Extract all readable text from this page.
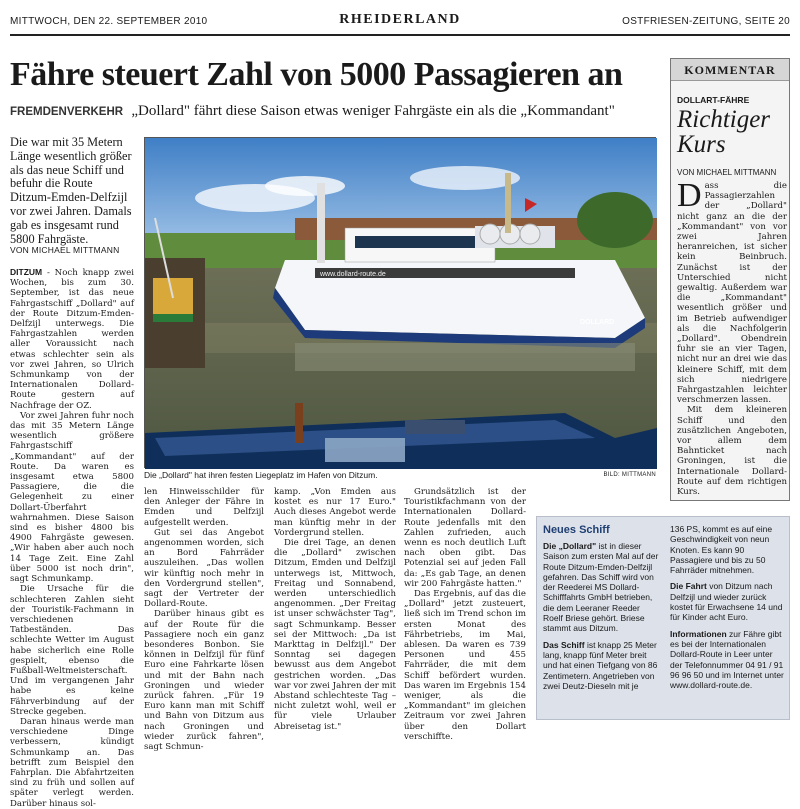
MITTWOCH, DEN 22. SEPTEMBER 2010	RHEIDERLAND	OSTFRIESEN-ZEITUNG, SEITE 20
Fähre steuert Zahl von 5000 Passagieren an
FREMDENVERKEHR „Dollard" fährt diese Saison etwas weniger Fahrgäste ein als die „Kommandant"
Die war mit 35 Metern Länge wesentlich größer als das neue Schiff und befuhr die Route Ditzum-Emden-Delfzijl vor zwei Jahren. Damals gab es insgesamt rund 5800 Fahrgäste.
VON MICHAEL MITTMANN

DITZUM - Noch knapp zwei Wochen, bis zum 30. September, ist das neue Fahrgastschiff „Dollard" auf der Route Ditzum-Emden-Delfzijl unterwegs. Die Fahrgastzahlen werden aller Voraussicht nach etwas schlechter sein als vor zwei Jahren, so Ulrich Schmunkamp von der Internationalen Dollard-Route gestern auf Nachfrage der OZ.

Vor zwei Jahren fuhr noch das mit 35 Metern Länge wesentlich größere Fahrgastschiff „Kommandant" auf der Route. Da waren es insgesamt etwa 5800 Passagiere, die die Gelegenheit zu einer Dollart-Überfahrt wahrnahmen. Diese Saison sind es bisher 4800 bis 4900 Fahrgäste gewesen. „Wir haben aber auch noch 14 Tage Zeit. Eine Zahl über 5000 ist noch drin", sagt Schmunkamp.

Die Ursache für die schlechteren Zahlen sieht der Touristik-Fachmann in verschiedenen Tatbeständen. Das schlechte Wetter im August habe sicherlich eine Rolle gespielt, ebenso die Fußball-Weltmeisterschaft. Und im vergangenen Jahr habe es keine Fährverbindung auf der Strecke gegeben.

Daran hinaus werde man verschiedene Dinge verbessern, kündigt Schmunkamp an. Das betrifft zum Beispiel den Fahrplan. Die Abfahrtzeiten sind zu früh und sollen auf später verlegt werden. Darüber hinaus sol-

www.dollard-route.de
DOLLARD
Die „Dollard" hat ihren festen Liegeplatz im Hafen von Ditzum.	BILD: MITTMANN

len Hinweisschilder für den Anleger der Fähre in Emden und Delfzijl aufgestellt werden.

Gut sei das Angebot angenommen worden, sich an Bord Fahrräder auszuleihen. „Das wollen wir künftig noch mehr in den Vordergrund stellen", sagt der Vertreter der Dollard-Route.

Darüber hinaus gibt es auf der Route für die Passagiere noch ein ganz besonderes Bonbon. Sie können in Delfzijl für fünf Euro eine Fahrkarte lösen und mit der Bahn nach Groningen und wieder zurück fahren. „Für 19 Euro kann man mit Schiff und Bahn von Ditzum aus nach Groningen und wieder zurück fahren", sagt Schmun-

kamp. „Von Emden aus kostet es nur 17 Euro." Auch dieses Angebot werde man künftig mehr in der Vordergrund stellen.

Die drei Tage, an denen die „Dollard" zwischen Ditzum, Emden und Delfzijl unterwegs ist, Mittwoch, Freitag und Sonnabend, werden unterschiedlich angenommen. „Der Freitag ist unser schwächster Tag", sagt Schmunkamp. Besser sei der Mittwoch: „Da ist Markttag in Delfzijl." Der Sonntag sei dagegen bewusst aus dem Angebot gestrichen worden. „Das war vor zwei Jahren der mit Abstand schlechteste Tag – nicht zuletzt wohl, weil er für viele Urlauber Abreisetag ist."

Grundsätzlich ist der Touristikfachmann von der Internationalen Dollard-Route jedenfalls mit den Zahlen zufrieden, auch wenn es noch deutlich Luft nach oben gibt. Das Potenzial sei auf jeden Fall da: „Es gab Tage, an denen wir 200 Fahrgäste hatten."

Das Ergebnis, auf das die „Dollard" jetzt zusteuert, ließ sich im Trend schon im ersten Monat des Fährbetriebs, im Mai, ablesen. Da waren es 739 Personen und 455 Fahrräder, die mit dem Schiff befördert wurden. Das waren im Ergebnis 154 weniger, als die „Kommandant" im gleichen Zeitraum vor zwei Jahren über den Dollart verschiffte.

KOMMENTAR
DOLLART-FÄHRE
Richtiger Kurs
VON MICHAEL MITTMANN

Dass die Passagierzahlen der „Dollard" nicht ganz an die der „Kommandant" von vor zwei Jahren heranreichen, ist sicher kein Beinbruch. Zunächst ist der Unterschied nicht gewaltig. Außerdem war die „Kommandant" wesentlich größer und im Betrieb aufwendiger als die Nachfolgerin „Dollard". Obendrein fuhr sie an vier Tagen, nicht nur an drei wie das kleinere Schiff, mit dem sich niedrigere Fahrgastzahlen leichter verschmerzen lassen.

Mit dem kleineren Schiff und den zusätzlichen Angeboten, vor allem dem Bahnticket nach Groningen, ist die Internationale Dollard-Route auf dem richtigen Kurs.

Neues Schiff

Die „Dollard" ist in dieser Saison zum ersten Mal auf der Route Ditzum-Emden-Delfzijl gefahren. Das Schiff wird von der Reederei MS Dollard-Schifffahrts GmbH betrieben, die dem Leeraner Reeder Roelf Briese gehört. Briese stammt aus Ditzum.

Das Schiff ist knapp 25 Meter lang, knapp fünf Meter breit und hat einen Tiefgang von 86 Zentimetern. Angetrieben von zwei Deutz-Dieseln mit je

136 PS, kommt es auf eine Geschwindigkeit von neun Knoten. Es kann 90 Passagiere und bis zu 50 Fahrräder mitnehmen.

Die Fahrt von Ditzum nach Delfzijl und wieder zurück kostet für Erwachsene 14 und für Kinder acht Euro.

Informationen zur Fähre gibt es bei der Internationalen Dollard-Route in Leer unter der Telefonnummer 04 91 / 91 96 96 50 und im Internet unter www.dollard-route.de.
